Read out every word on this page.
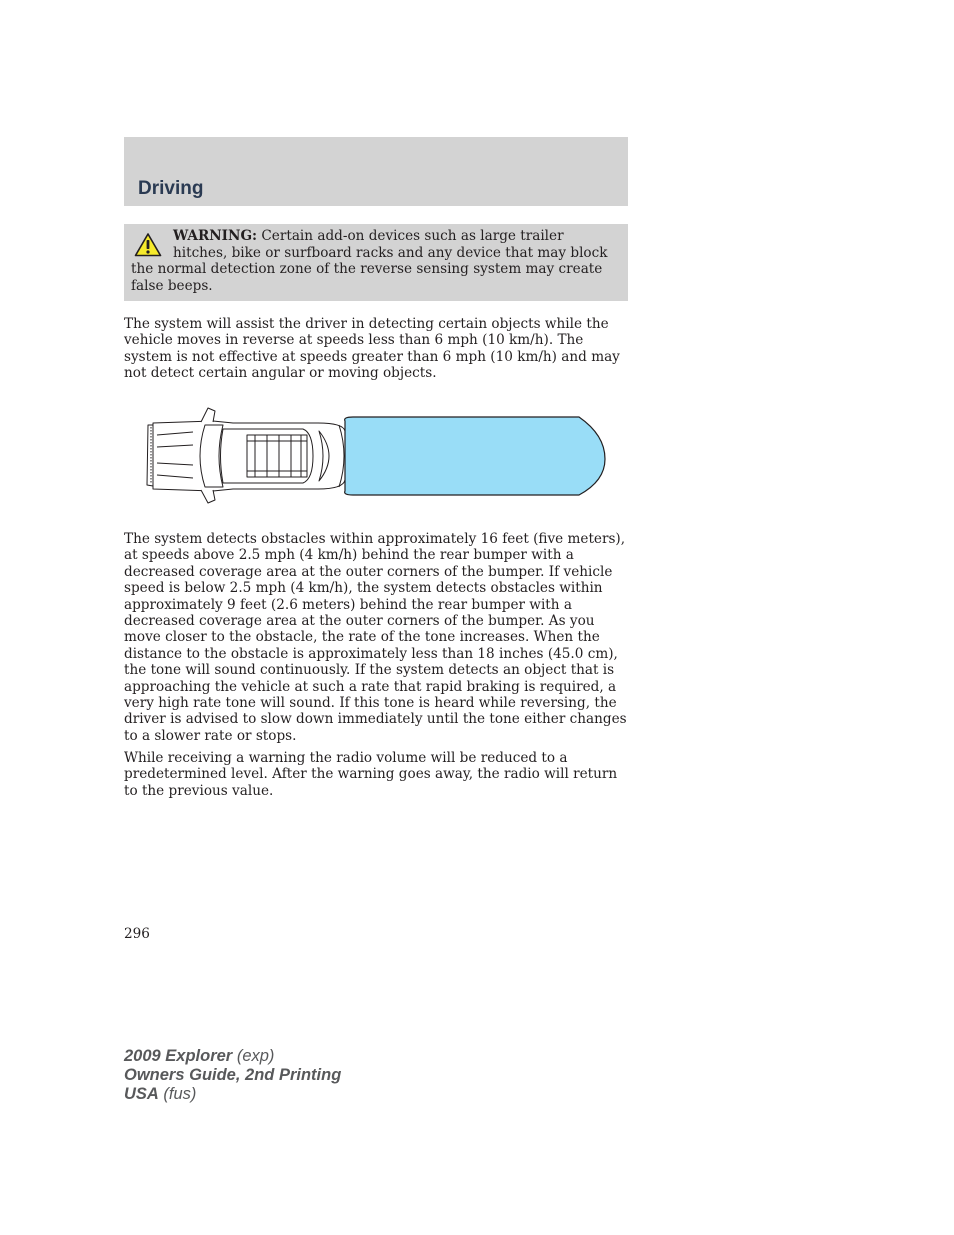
Driving

WARNING: Certain add-on devices such as large trailer hitches, bike or surfboard racks and any device that may block the normal detection zone of the reverse sensing system may create false beeps.

The system will assist the driver in detecting certain objects while the vehicle moves in reverse at speeds less than 6 mph (10 km/h). The system is not effective at speeds greater than 6 mph (10 km/h) and may not detect certain angular or moving objects.

The system detects obstacles within approximately 16 feet (five meters), at speeds above 2.5 mph (4 km/h) behind the rear bumper with a decreased coverage area at the outer corners of the bumper. If vehicle speed is below 2.5 mph (4 km/h), the system detects obstacles within approximately 9 feet (2.6 meters) behind the rear bumper with a decreased coverage area at the outer corners of the bumper. As you move closer to the obstacle, the rate of the tone increases. When the distance to the obstacle is approximately less than 18 inches (45.0 cm), the tone will sound continuously. If the system detects an object that is approaching the vehicle at such a rate that rapid braking is required, a very high rate tone will sound. If this tone is heard while reversing, the driver is advised to slow down immediately until the tone either changes to a slower rate or stops.

While receiving a warning the radio volume will be reduced to a predetermined level. After the warning goes away, the radio will return to the previous value.

296

2009 Explorer (exp)
Owners Guide, 2nd Printing
USA (fus)
